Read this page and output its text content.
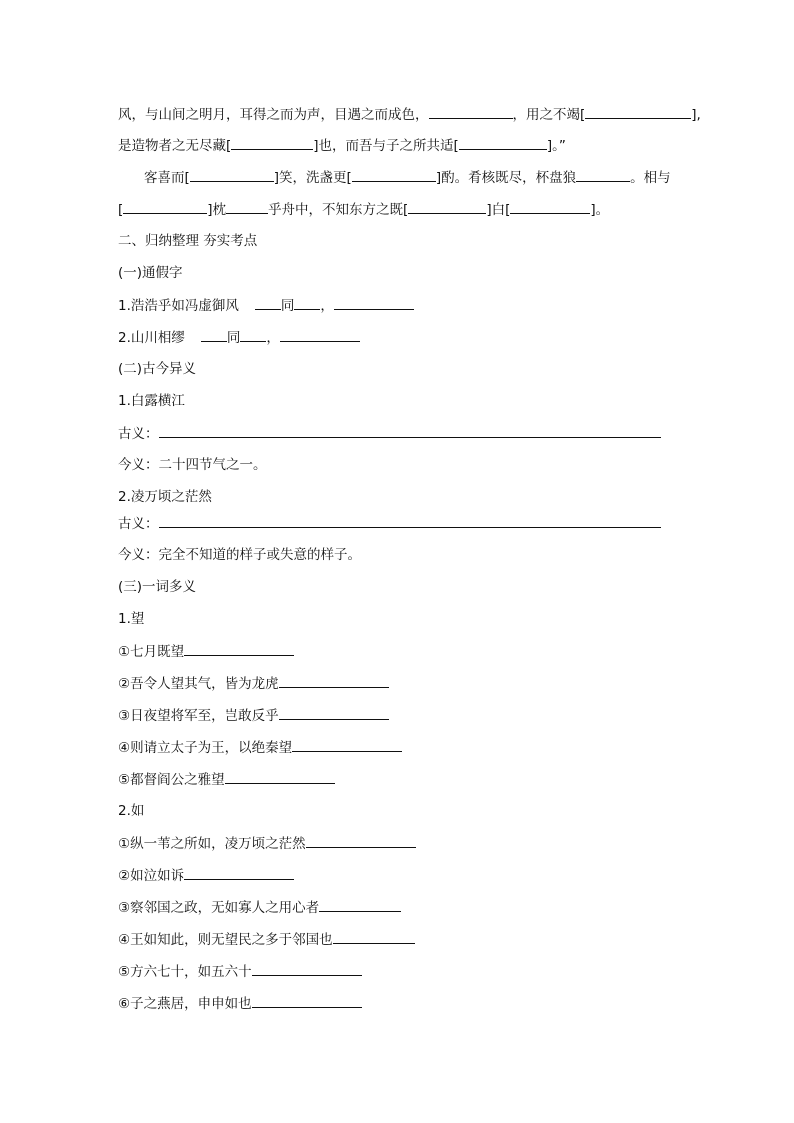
风，与山间之明月，耳得之而为声，目遇之而成色，	，用之不竭[	],
是造物者之无尽藏[	]也，而吾与子之所共适[	]。”
客喜而[	]笑，洗盏更[	]酌。肴核既尽，杯盘狼	。相与
[	]枕	乎舟中，不知东方之既[	]白[	]。
二、归纳整理 夯实考点
(一)通假字
1.浩浩乎如冯虚御风	同 ，
2.山川相缪	同 ，
(二)古今异义
1.白露横江
古义：
今义：二十四节气之一。
2.凌万顷之茫然
古义：
今义：完全不知道的样子或失意的样子。
(三)一词多义
1.望
①七月既望
②吾令人望其气，皆为龙虎
③日夜望将军至，岂敢反乎
④则请立太子为王，以绝秦望
⑤都督阎公之雅望
2.如
①纵一苇之所如，凌万顷之茫然
②如泣如诉
③察邻国之政，无如寡人之用心者
④王如知此，则无望民之多于邻国也
⑤方六七十，如五六十
⑥子之燕居，申申如也
